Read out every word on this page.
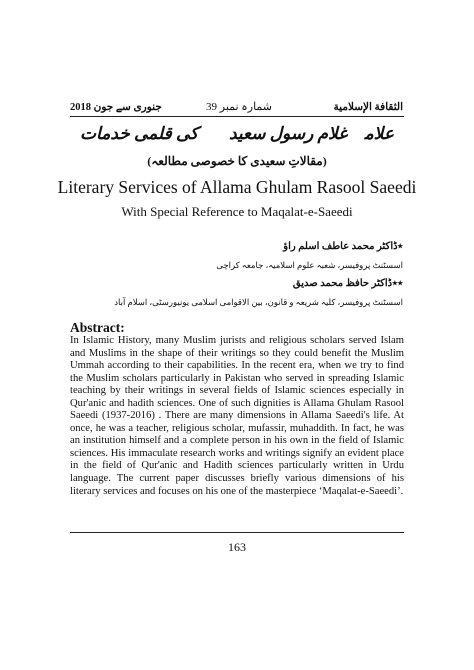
جنوری سے جون 2018	شمارہ نمبر 39	الثقافة الإسلامية
علامہ غلام رسول سعیدیؒ کی قلمی خدمات
(مقالاتِ سعیدی کا خصوصی مطالعہ)
Literary Services of Allama Ghulam Rasool Saeedi
With Special Reference to Maqalat-e-Saeedi
٭ڈاکٹر محمد عاطف اسلم راؤ
اسسٹنٹ پروفیسر، شعبہ علوم اسلامیہ، جامعہ کراچی
٭٭ڈاکٹر حافظ محمد صدیق
اسسٹنٹ پروفیسر، کلیہ شریعہ و قانون، بین الاقوامی اسلامی یونیورسٹی، اسلام آباد
Abstract:
In Islamic History, many Muslim jurists and religious scholars served Islam and Muslims in the shape of their writings so they could benefit the Muslim Ummah according to their capabilities. In the recent era, when we try to find the Muslim scholars particularly in Pakistan who served in spreading Islamic teaching by their writings in several fields of Islamic sciences especially in Qur'anic and hadith sciences. One of such dignities is Allama Ghulam Rasool Saeedi (1937-2016) . There are many dimensions in Allama Saeedi's life. At once, he was a teacher, religious scholar, mufassir, muhaddith. In fact, he was an institution himself and a complete person in his own in the field of Islamic sciences. His immaculate research works and writings signify an evident place in the field of Qur'anic and Hadith sciences particularly written in Urdu language. The current paper discusses briefly various dimensions of his literary services and focuses on his one of the masterpiece ‘Maqalat-e-Saeedi’.
163
